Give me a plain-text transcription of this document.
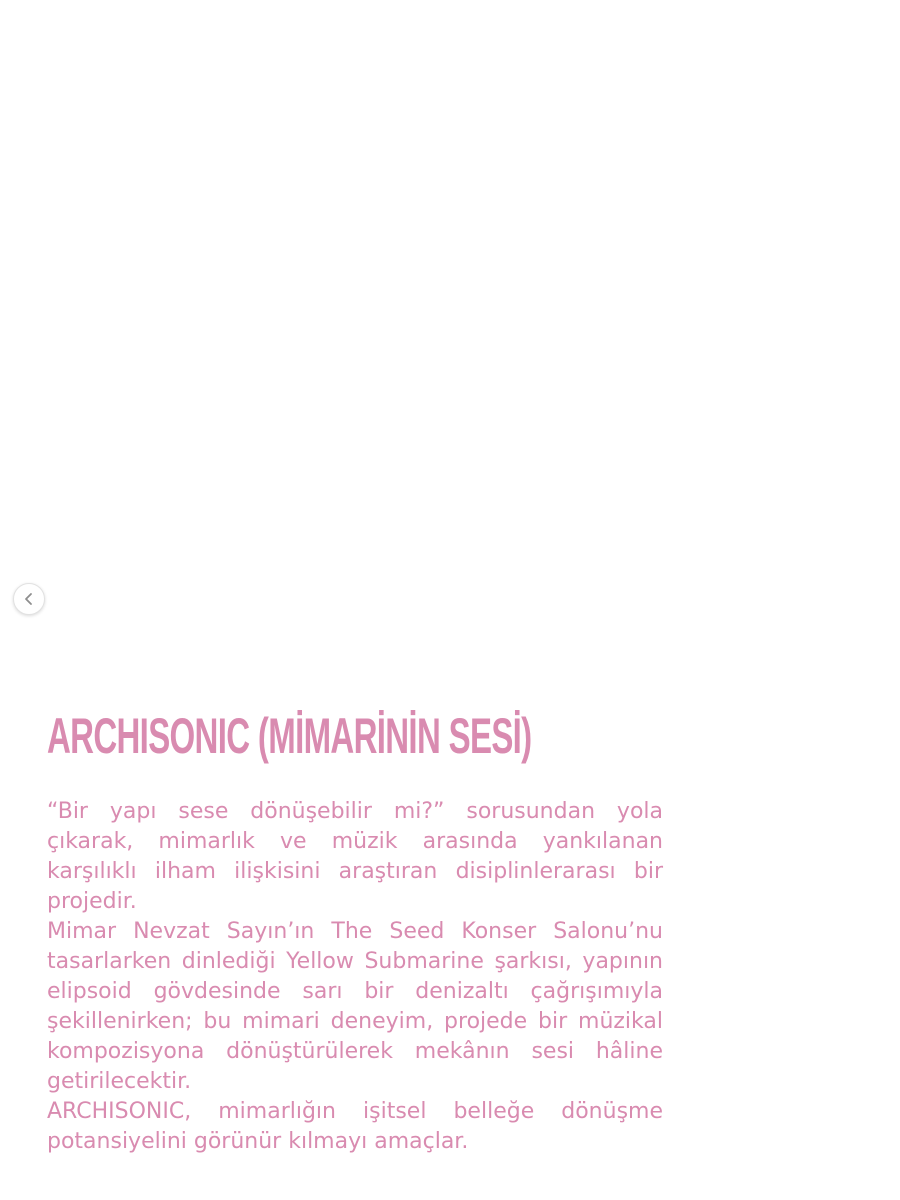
ARCHISONIC (MİMARİNİN SESİ)

“Bir yapı sese dönüşebilir mi?” sorusundan yola çıkarak, mimarlık ve müzik arasında yankılanan karşılıklı ilham ilişkisini araştıran disiplinlerarası bir projedir.

Mimar Nevzat Sayın’ın The Seed Konser Salonu’nu tasarlarken dinlediği Yellow Submarine şarkısı, yapının elipsoid gövdesinde sarı bir denizaltı çağrışımıyla şekillenirken; bu mimari deneyim, projede bir müzikal kompozisyona dönüştürülerek mekânın sesi hâline getirilecektir.

ARCHISONIC, mimarlığın işitsel belleğe dönüşme potansiyelini görünür kılmayı amaçlar.
